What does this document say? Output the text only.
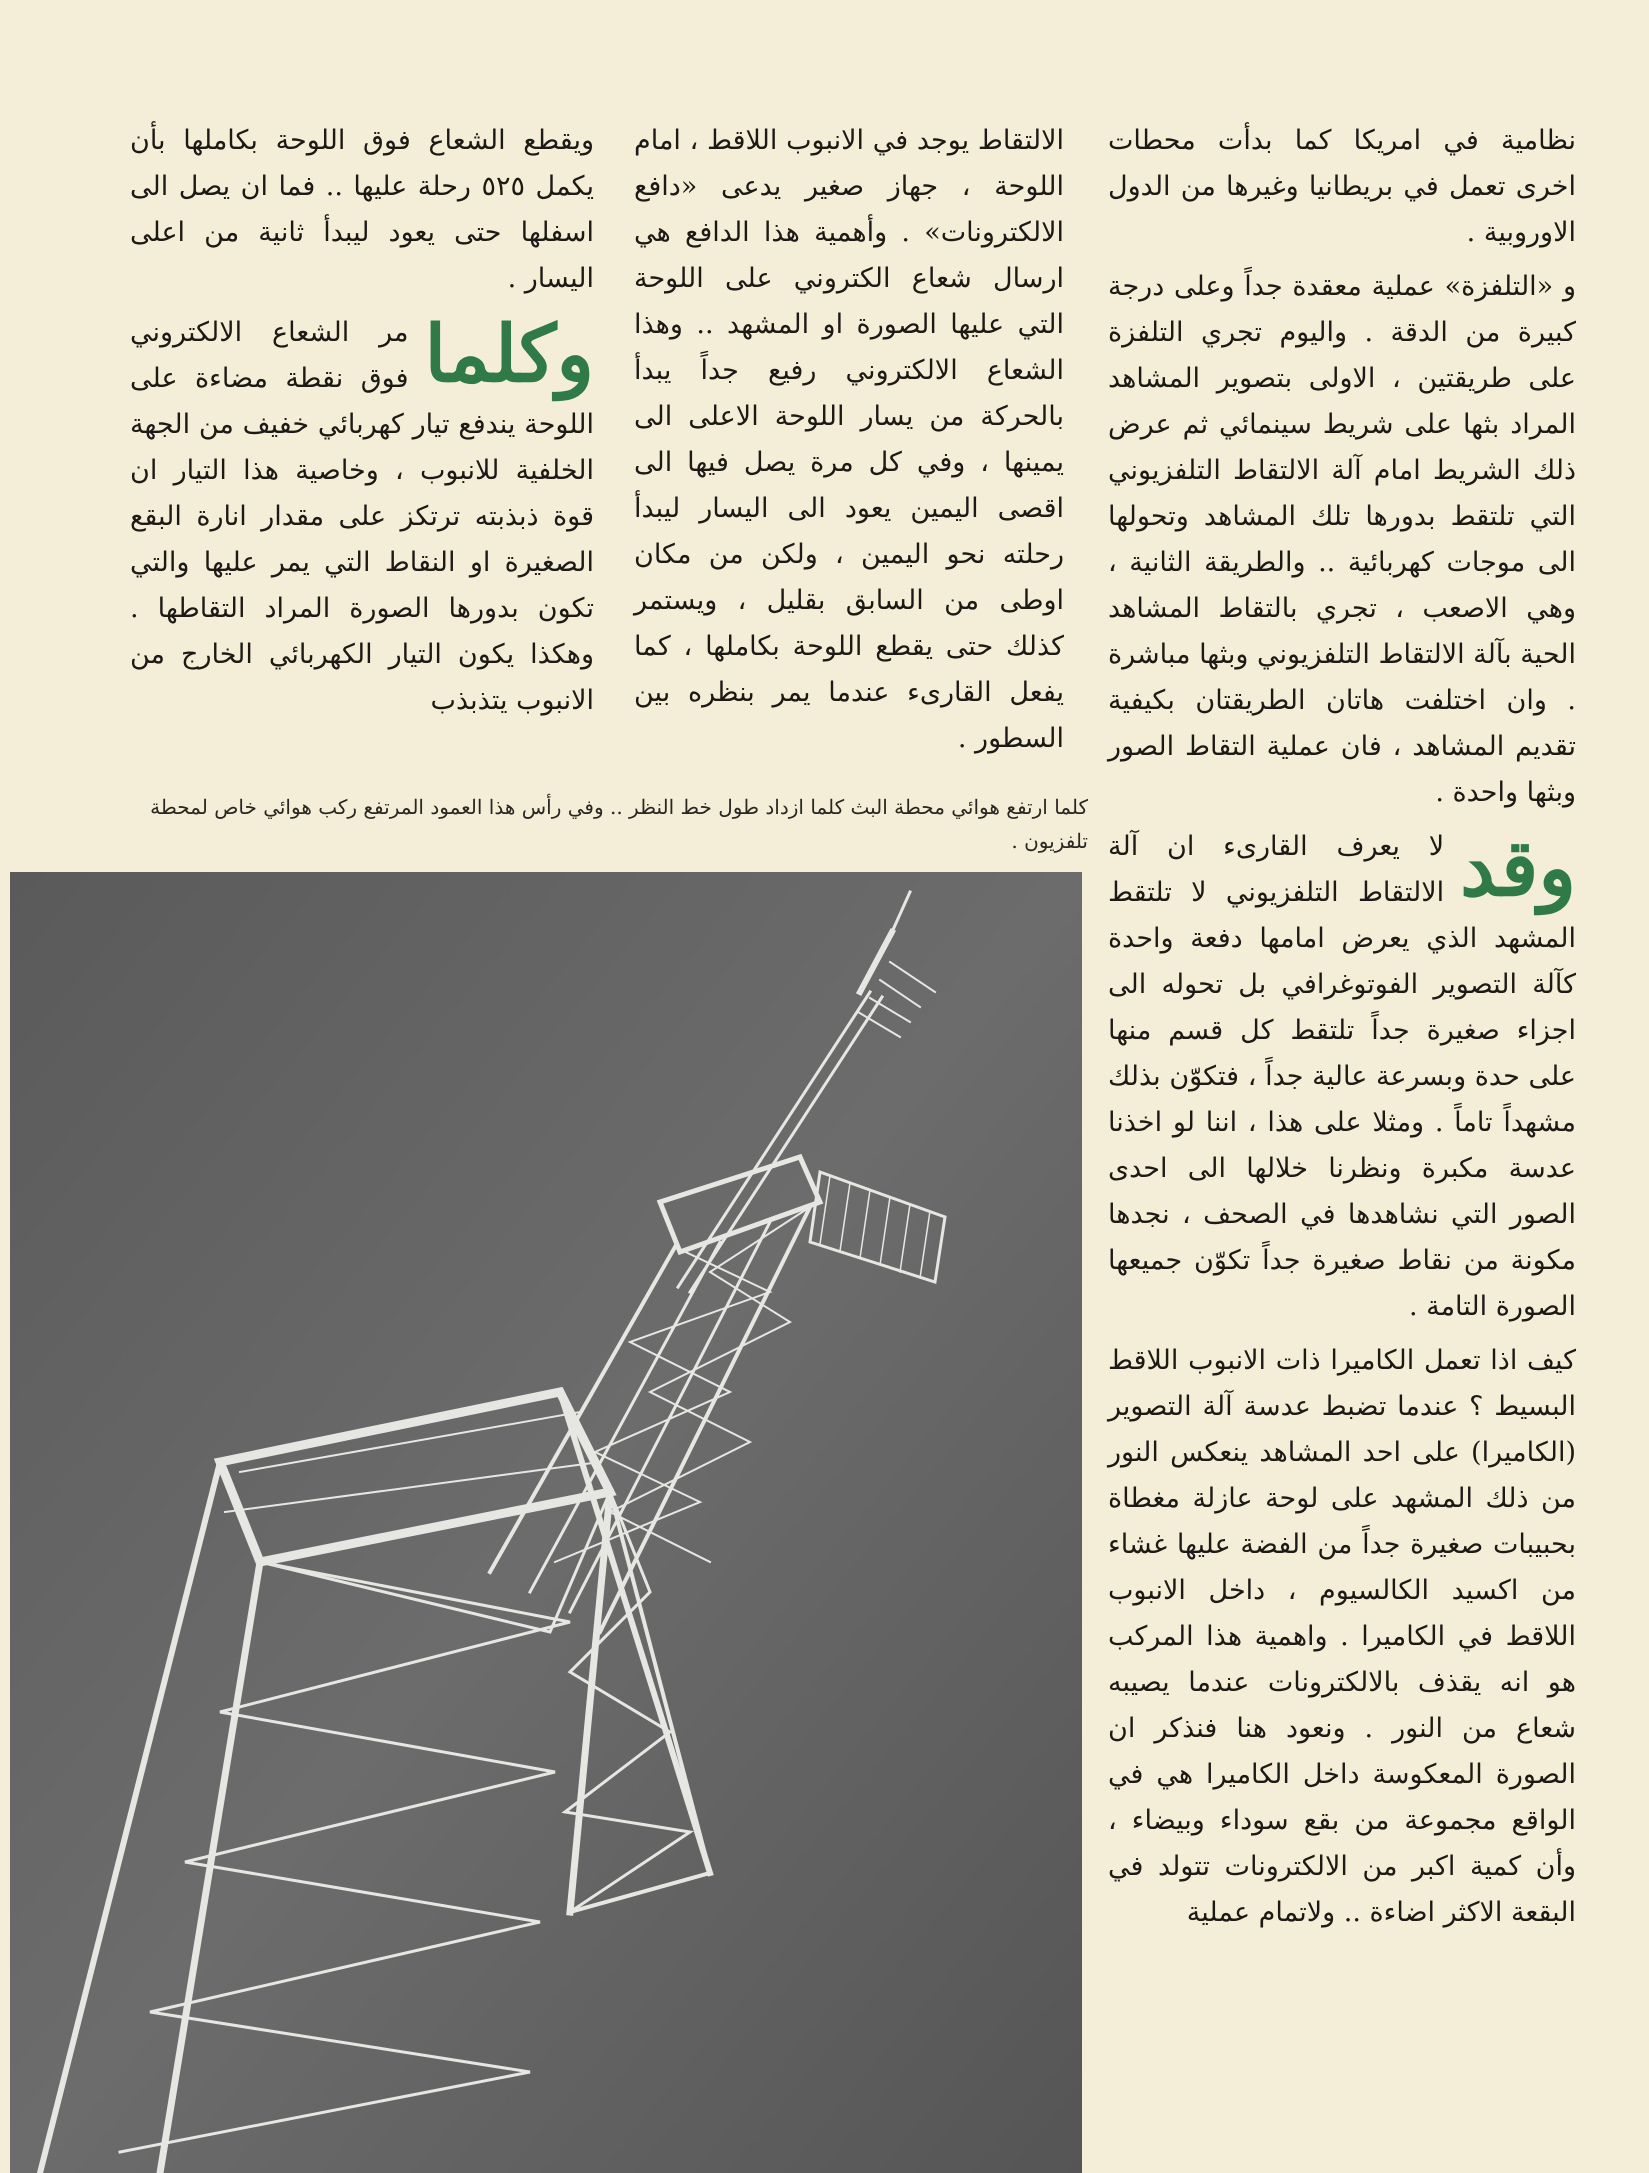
نظامية في امريكا كما بدأت محطات اخرى تعمل في بريطانيا وغيرها من الدول الاوروبية .

و «التلفزة» عملية معقدة جداً وعلى درجة كبيرة من الدقة . واليوم تجري التلفزة على طريقتين ، الاولى بتصوير المشاهد المراد بثها على شريط سينمائي ثم عرض ذلك الشريط امام آلة الالتقاط التلفزيوني التي تلتقط بدورها تلك المشاهد وتحولها الى موجات كهربائية .. والطريقة الثانية ، وهي الاصعب ، تجري بالتقاط المشاهد الحية بآلة الالتقاط التلفزيوني وبثها مباشرة . وان اختلفت هاتان الطريقتان بكيفية تقديم المشاهد ، فان عملية التقاط الصور وبثها واحدة .

وقد
لا يعرف القارىء ان آلة الالتقاط التلفزيوني لا تلتقط المشهد الذي يعرض امامها دفعة واحدة كآلة التصوير الفوتوغرافي بل تحوله الى اجزاء صغيرة جداً تلتقط كل قسم منها على حدة وبسرعة عالية جداً ، فتكوّن بذلك مشهداً تاماً . ومثلا على هذا ، اننا لو اخذنا عدسة مكبرة ونظرنا خلالها الى احدى الصور التي نشاهدها في الصحف ، نجدها مكونة من نقاط صغيرة جداً تكوّن جميعها الصورة التامة .

كيف اذا تعمل الكاميرا ذات الانبوب اللاقط البسيط ؟ عندما تضبط عدسة آلة التصوير (الكاميرا) على احد المشاهد ينعكس النور من ذلك المشهد على لوحة عازلة مغطاة بحبيبات صغيرة جداً من الفضة عليها غشاء من اكسيد الكالسيوم ، داخل الانبوب اللاقط في الكاميرا . واهمية هذا المركب هو انه يقذف بالالكترونات عندما يصيبه شعاع من النور . ونعود هنا فنذكر ان الصورة المعكوسة داخل الكاميرا هي في الواقع مجموعة من بقع سوداء وبيضاء ، وأن كمية اكبر من الالكترونات تتولد في البقعة الاكثر اضاءة .. ولاتمام عملية

الالتقاط يوجد في الانبوب اللاقط ، امام اللوحة ، جهاز صغير يدعى «دافع الالكترونات» . وأهمية هذا الدافع هي ارسال شعاع الكتروني على اللوحة التي عليها الصورة او المشهد .. وهذا الشعاع الالكتروني رفيع جداً يبدأ بالحركة من يسار اللوحة الاعلى الى يمينها ، وفي كل مرة يصل فيها الى اقصى اليمين يعود الى اليسار ليبدأ رحلته نحو اليمين ، ولكن من مكان اوطى من السابق بقليل ، ويستمر كذلك حتى يقطع اللوحة بكاملها ، كما يفعل القارىء عندما يمر بنظره بين السطور .

ويقطع الشعاع فوق اللوحة بكاملها بأن يكمل ٥٢٥ رحلة عليها .. فما ان يصل الى اسفلها حتى يعود ليبدأ ثانية من اعلى اليسار .

وكلما
مر الشعاع الالكتروني فوق نقطة مضاءة على اللوحة يندفع تيار كهربائي خفيف من الجهة الخلفية للانبوب ، وخاصية هذا التيار ان قوة ذبذبته ترتكز على مقدار انارة البقع الصغيرة او النقاط التي يمر عليها والتي تكون بدورها الصورة المراد التقاطها . وهكذا يكون التيار الكهربائي الخارج من الانبوب يتذبذب

كلما ارتفع هوائي محطة البث كلما ازداد طول خط النظر .. وفي رأس هذا العمود المرتفع ركب هوائي خاص لمحطة تلفزيون .
